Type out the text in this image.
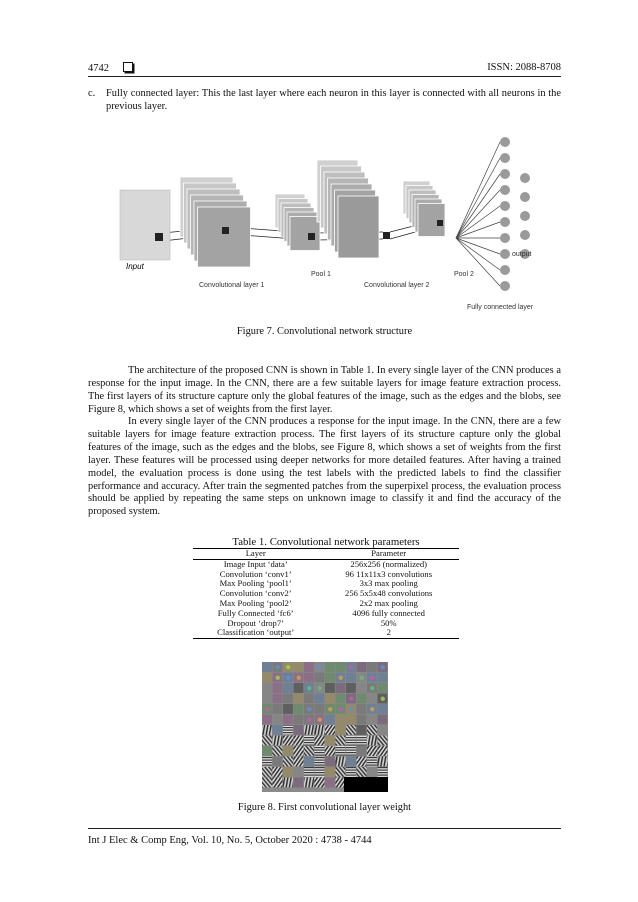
4742	ISSN: 2088-8708
c.	Fully connected layer: This the last layer where each neuron in this layer is connected with all neurons in the previous layer.
Input
Convolutional layer 1
Pool 1
Convolutional layer 2
Pool 2
output
Fully connected layer
Figure 7. Convolutional network structure
The architecture of the proposed CNN is shown in Table 1. In every single layer of the CNN produces a response for the input image. In the CNN, there are a few suitable layers for image feature extraction process. The first layers of its structure capture only the global features of the image, such as the edges and the blobs, see Figure 8, which shows a set of weights from the first layer.
In every single layer of the CNN produces a response for the input image. In the CNN, there are a few suitable layers for image feature extraction process. The first layers of its structure capture only the global features of the image, such as the edges and the blobs, see Figure 8, which shows a set of weights from the first layer. These features will be processed using deeper networks for more detailed features. After having a trained model, the evaluation process is done using the test labels with the predicted labels to find the classifier performance and accuracy. After train the segmented patches from the superpixel process, the evaluation process should be applied by repeating the same steps on unknown image to classify it and find the accuracy of the proposed system.
Table 1. Convolutional network parameters
Layer	Parameter
Image Input ‘data’	256x256 (normalized)
Convolution ‘conv1’	96 11x11x3 convolutions
Max Pooling ‘pool1’	3x3 max pooling
Convolution ‘conv2’	256 5x5x48 convolutions
Max Pooling ‘pool2’	2x2 max pooling
Fully Connected ‘fc6’	4096 fully connected
Dropout ‘drop7’	50%
Classification ‘output’	2
Figure 8. First convolutional layer weight
Int J Elec & Comp Eng, Vol. 10, No. 5, October 2020 : 4738 - 4744
